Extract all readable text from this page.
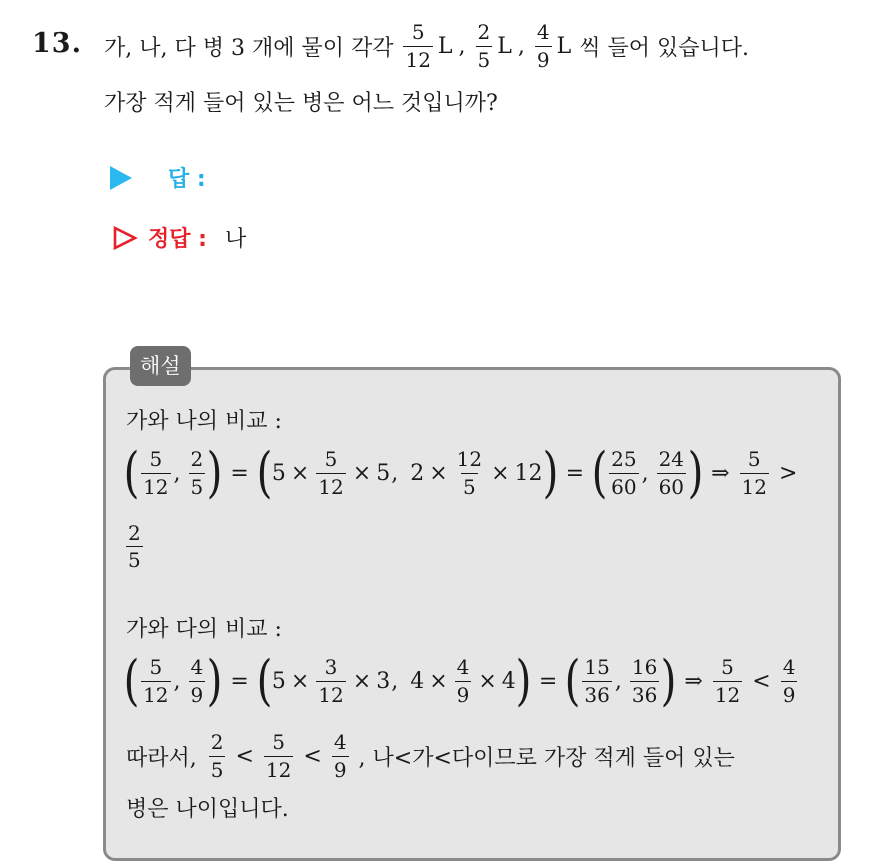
13. 가, 나, 다 병 3 개에 물이 각각 $\frac{5}{12}$ L , $\frac{2}{5}$ L , $\frac{4}{9}$ L 씩 들어 있습니다.
가장 적게 들어 있는 병은 어느 것입니까?
답 :
정답 : 나
해설
가와 나의 비교 :
( $\frac{5}{12}$ , $\frac{2}{5}$ ) = ( $5 \times \frac{5}{12} \times 5$ , $2 \times \frac{12}{5} \times 12$ ) = ( $\frac{25}{60}$ , $\frac{24}{60}$ ) ⇒ $\frac{5}{12}$ >
$\frac{2}{5}$
가와 다의 비교 :
( $\frac{5}{12}$ , $\frac{4}{9}$ ) = ( $5 \times \frac{3}{12} \times 3$ , $4 \times \frac{4}{9} \times 4$ ) = ( $\frac{15}{36}$ , $\frac{16}{36}$ ) ⇒ $\frac{5}{12} < \frac{4}{9}$
따라서, $\frac{2}{5} < \frac{5}{12} < \frac{4}{9}$ , 나<가<다이므로 가장 적게 들어 있는
병은 나이입니다.
